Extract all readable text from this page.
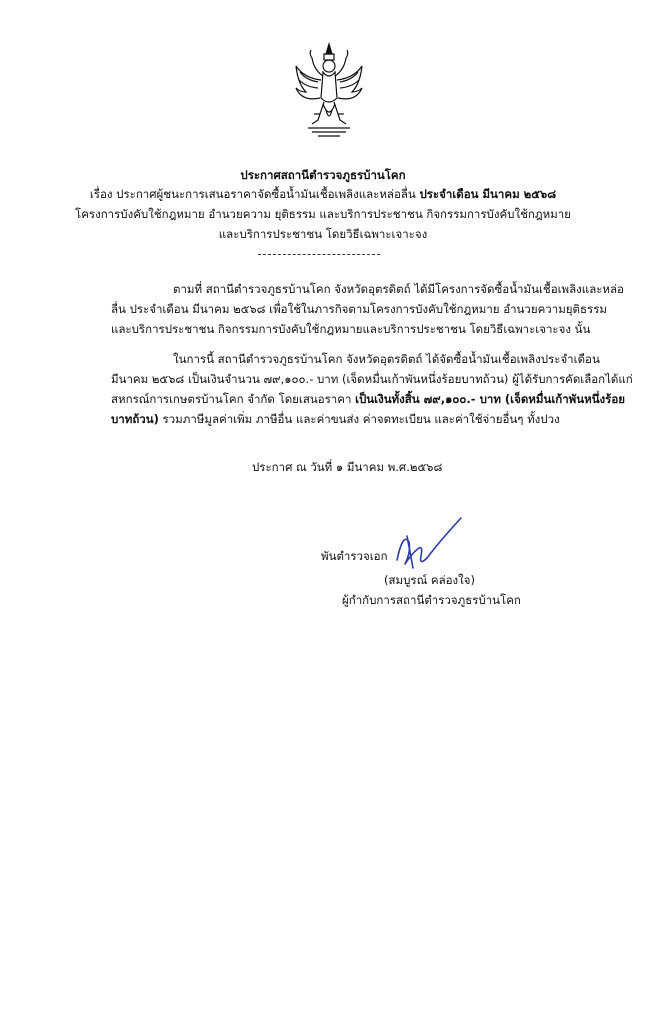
ประกาศสถานีตำรวจภูธรบ้านโคก
เรื่อง ประกาศผู้ชนะการเสนอราคาจัดซื้อน้ำมันเชื้อเพลิงและหล่อลื่น ประจำเดือน มีนาคม ๒๕๖๘
โครงการบังคับใช้กฎหมาย อำนวยความ ยุติธรรม และบริการประชาชน กิจกรรมการบังคับใช้กฎหมาย
และบริการประชาชน โดยวิธีเฉพาะเจาะจง
ตามที่ สถานีตำรวจภูธรบ้านโคก จังหวัดอุตรดิตถ์ ได้มีโครงการจัดซื้อน้ำมันเชื้อเพลิงและหล่อ
ลื่น ประจำเดือน มีนาคม ๒๕๖๘ เพื่อใช้ในภารกิจตามโครงการบังคับใช้กฎหมาย อำนวยความยุติธรรม
และบริการประชาชน กิจกรรมการบังคับใช้กฎหมายและบริการประชาชน โดยวิธีเฉพาะเจาะจง นั้น
ในการนี้ สถานีตำรวจภูธรบ้านโคก จังหวัดอุตรดิตถ์ ได้จัดซื้อน้ำมันเชื้อเพลิงประจำเดือน
มีนาคม ๒๕๖๘ เป็นเงินจำนวน ๗๙,๑๐๐.- บาท (เจ็ดหมื่นเก้าพันหนึ่งร้อยบาทถ้วน) ผู้ได้รับการคัดเลือกได้แก่
สหกรณ์การเกษตรบ้านโคก จำกัด โดยเสนอราคา เป็นเงินทั้งสิ้น ๗๙,๑๐๐.- บาท (เจ็ดหมื่นเก้าพันหนึ่งร้อย
บาทถ้วน) รวมภาษีมูลค่าเพิ่ม ภาษีอื่น และค่าขนส่ง ค่าจดทะเบียน และค่าใช้จ่ายอื่นๆ ทั้งปวง
ประกาศ ณ วันที่ ๑ มีนาคม พ.ศ.๒๕๖๘
พันตำรวจเอก
(สมบูรณ์ คล่องใจ)
ผู้กำกับการสถานีตำรวจภูธรบ้านโคก
